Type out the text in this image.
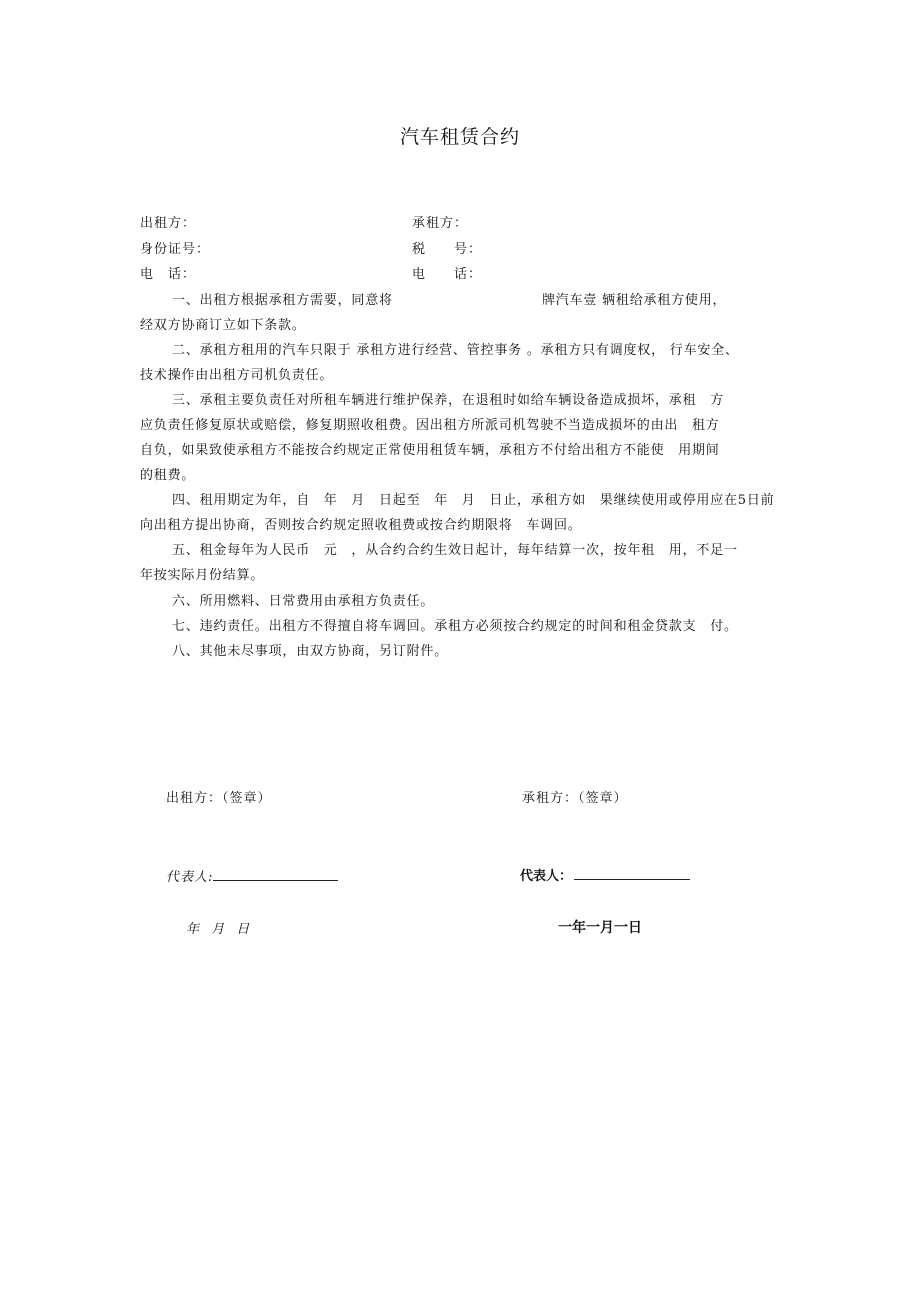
汽车租赁合约
出租方：	承租方：
身份证号：	税　　号：
电　话：	电　　话：
一、出租方根据承租方需要，同意将	牌汽车壹 辆租给承租方使用，
经双方协商订立如下条款。
二、承租方租用的汽车只限于 承租方进行经营、管控事务 。承租方只有调度权， 行车安全、
技术操作由出租方司机负责任。
三、承租主要负责任对所租车辆进行维护保养，在退租时如给车辆设备造成损坏，承租　方
应负责任修复原状或赔偿，修复期照收租费。因出租方所派司机驾驶不当造成损坏的由出　租方
自负，如果致使承租方不能按合约规定正常使用租赁车辆，承租方不付给出租方不能使　用期间
的租费。
四、租用期定为年，自　年　月　日起至　年　月　日止，承租方如　果继续使用或停用应在5日前
向出租方提出协商，否则按合约规定照收租费或按合约期限将　车调回。
五、租金每年为人民币　元　，从合约合约生效日起计，每年结算一次，按年租　用，不足一
年按实际月份结算。
六、所用燃料、日常费用由承租方负责任。
七、违约责任。出租方不得擅自将车调回。承租方必须按合约规定的时间和租金贷款支　付。
八、其他未尽事项，由双方协商，另订附件。
出租方：（签章）	承租方：（签章）
代表人:	代表人：
年 月 日	一年一月一日
